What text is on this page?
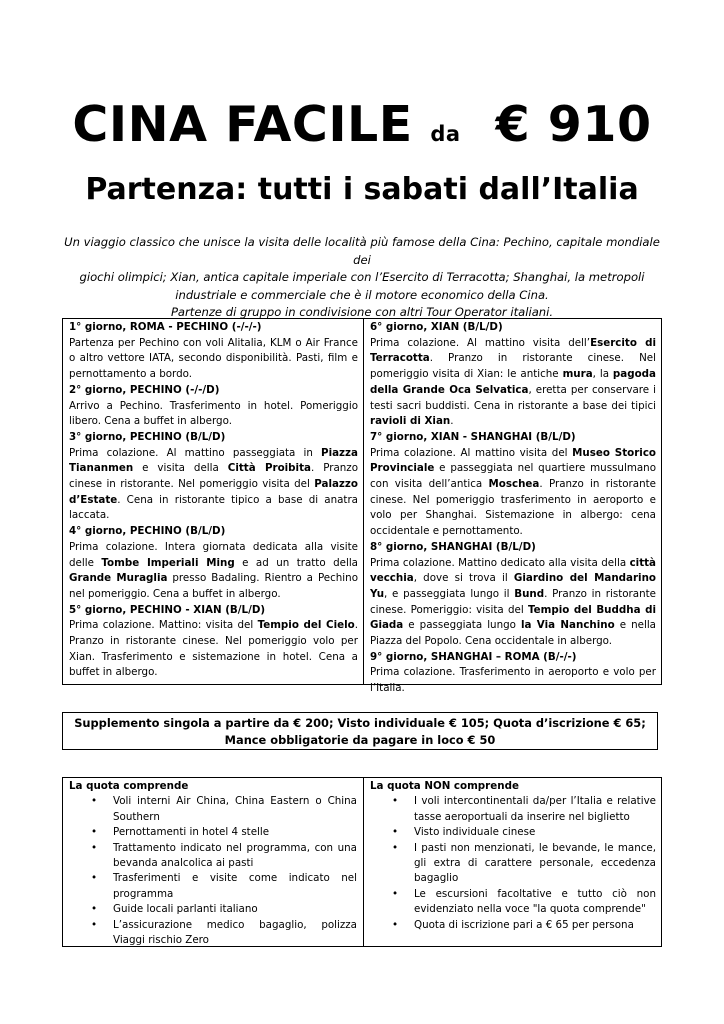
CINA FACILE da € 910
Partenza: tutti i sabati dall’Italia
Un viaggio classico che unisce la visita delle località più famose della Cina: Pechino, capitale mondiale dei
giochi olimpici; Xian, antica capitale imperiale con l’Esercito di Terracotta; Shanghai, la metropoli
industriale e commerciale che è il motore economico della Cina.
Partenze di gruppo in condivisione con altri Tour Operator italiani.
1° giorno, ROMA - PECHINO (-/-/-)

Partenza per Pechino con voli Alitalia, KLM o Air France o altro vettore IATA, secondo disponibilità. Pasti, film e pernottamento a bordo.

2° giorno, PECHINO (-/-/D)

Arrivo a Pechino. Trasferimento in hotel. Pomeriggio libero. Cena a buffet in albergo.

3° giorno, PECHINO (B/L/D)

Prima colazione. Al mattino passeggiata in Piazza Tiananmen e visita della Città Proibita. Pranzo cinese in ristorante. Nel pomeriggio visita del Palazzo d’Estate. Cena in ristorante tipico a base di anatra laccata.

4° giorno, PECHINO (B/L/D)

Prima colazione. Intera giornata dedicata alla visite delle Tombe Imperiali Ming e ad un tratto della Grande Muraglia presso Badaling. Rientro a Pechino nel pomeriggio. Cena a buffet in albergo.

5° giorno, PECHINO - XIAN (B/L/D)

Prima colazione. Mattino: visita del Tempio del Cielo. Pranzo in ristorante cinese. Nel pomeriggio volo per Xian. Trasferimento e sistemazione in hotel. Cena a buffet in albergo.

6° giorno, XIAN (B/L/D)

Prima colazione. Al mattino visita dell’Esercito di Terracotta. Pranzo in ristorante cinese. Nel pomeriggio visita di Xian: le antiche mura, la pagoda della Grande Oca Selvatica, eretta per conservare i testi sacri buddisti. Cena in ristorante a base dei tipici ravioli di Xian.

7° giorno, XIAN - SHANGHAI (B/L/D)

Prima colazione. Al mattino visita del Museo Storico Provinciale e passeggiata nel quartiere mussulmano con visita dell’antica Moschea. Pranzo in ristorante cinese. Nel pomeriggio trasferimento in aeroporto e volo per Shanghai. Sistemazione in albergo: cena occidentale e pernottamento.

8° giorno, SHANGHAI (B/L/D)

Prima colazione. Mattino dedicato alla visita della città vecchia, dove si trova il Giardino del Mandarino Yu, e passeggiata lungo il Bund. Pranzo in ristorante cinese. Pomeriggio: visita del Tempio del Buddha di Giada e passeggiata lungo la Via Nanchino e nella Piazza del Popolo. Cena occidentale in albergo.

9° giorno, SHANGHAI – ROMA (B/-/-)

Prima colazione. Trasferimento in aeroporto e volo per l’Italia.

Supplemento singola a partire da € 200; Visto individuale € 105; Quota d’iscrizione € 65;
Mance obbligatorie da pagare in loco € 50
La quota comprende
• Voli interni Air China, China Eastern o China Southern
• Pernottamenti in hotel 4 stelle
• Trattamento indicato nel programma, con una bevanda analcolica ai pasti
• Trasferimenti e visite come indicato nel programma
• Guide locali parlanti italiano
• L’assicurazione medico bagaglio, polizza Viaggi rischio Zero
La quota NON comprende
• I voli intercontinentali da/per l’Italia e relative tasse aeroportuali da inserire nel biglietto
• Visto individuale cinese
• I pasti non menzionati, le bevande, le mance, gli extra di carattere personale, eccedenza bagaglio
• Le escursioni facoltative e tutto ciò non evidenziato nella voce "la quota comprende"
• Quota di iscrizione pari a € 65 per persona
